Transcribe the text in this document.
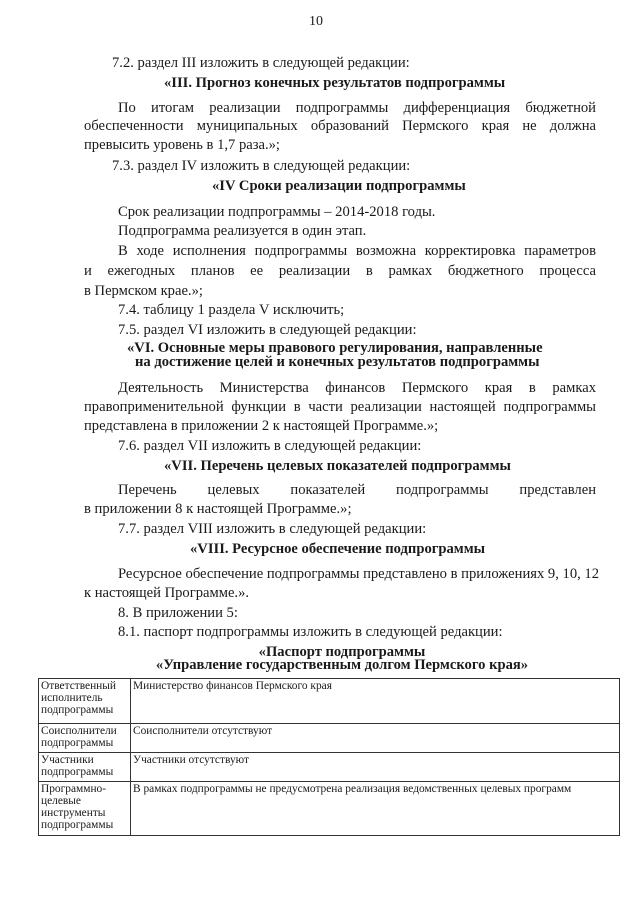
10
7.2. раздел III изложить в следующей редакции:
«III. Прогноз конечных результатов подпрограммы
По итогам реализации подпрограммы дифференциация бюджетной
обеспеченности муниципальных образований Пермского края не должна
превысить уровень в 1,7 раза.»;
7.3. раздел IV изложить в следующей редакции:
«IV Сроки реализации подпрограммы
Срок реализации подпрограммы – 2014-2018 годы.
Подпрограмма реализуется в один этап.
В ходе исполнения подпрограммы возможна корректировка параметров
и ежегодных планов ее реализации в рамках бюджетного процесса
в Пермском крае.»;
7.4. таблицу 1 раздела V исключить;
7.5. раздел VI изложить в следующей редакции:
«VI. Основные меры правового регулирования, направленные
на достижение целей и конечных результатов подпрограммы
Деятельность Министерства финансов Пермского края в рамках
правоприменительной функции в части реализации настоящей подпрограммы
представлена в приложении 2 к настоящей Программе.»;
7.6. раздел VII изложить в следующей редакции:
«VII. Перечень целевых показателей подпрограммы
Перечень целевых показателей подпрограммы представлен
в приложении 8 к настоящей Программе.»;
7.7. раздел VIII изложить в следующей редакции:
«VIII. Ресурсное обеспечение подпрограммы
Ресурсное обеспечение подпрограммы представлено в приложениях 9, 10, 12
к настоящей Программе.».
8. В приложении 5:
8.1. паспорт подпрограммы изложить в следующей редакции:
«Паспорт подпрограммы
«Управление государственным долгом Пермского края»
Ответственный
исполнитель
подпрограммы	Министерство финансов Пермского края
Соисполнители
подпрограммы	Соисполнители отсутствуют
Участники
подпрограммы	Участники отсутствуют
Программно-
целевые
инструменты
подпрограммы	В рамках подпрограммы не предусмотрена реализация ведомственных целевых программ
